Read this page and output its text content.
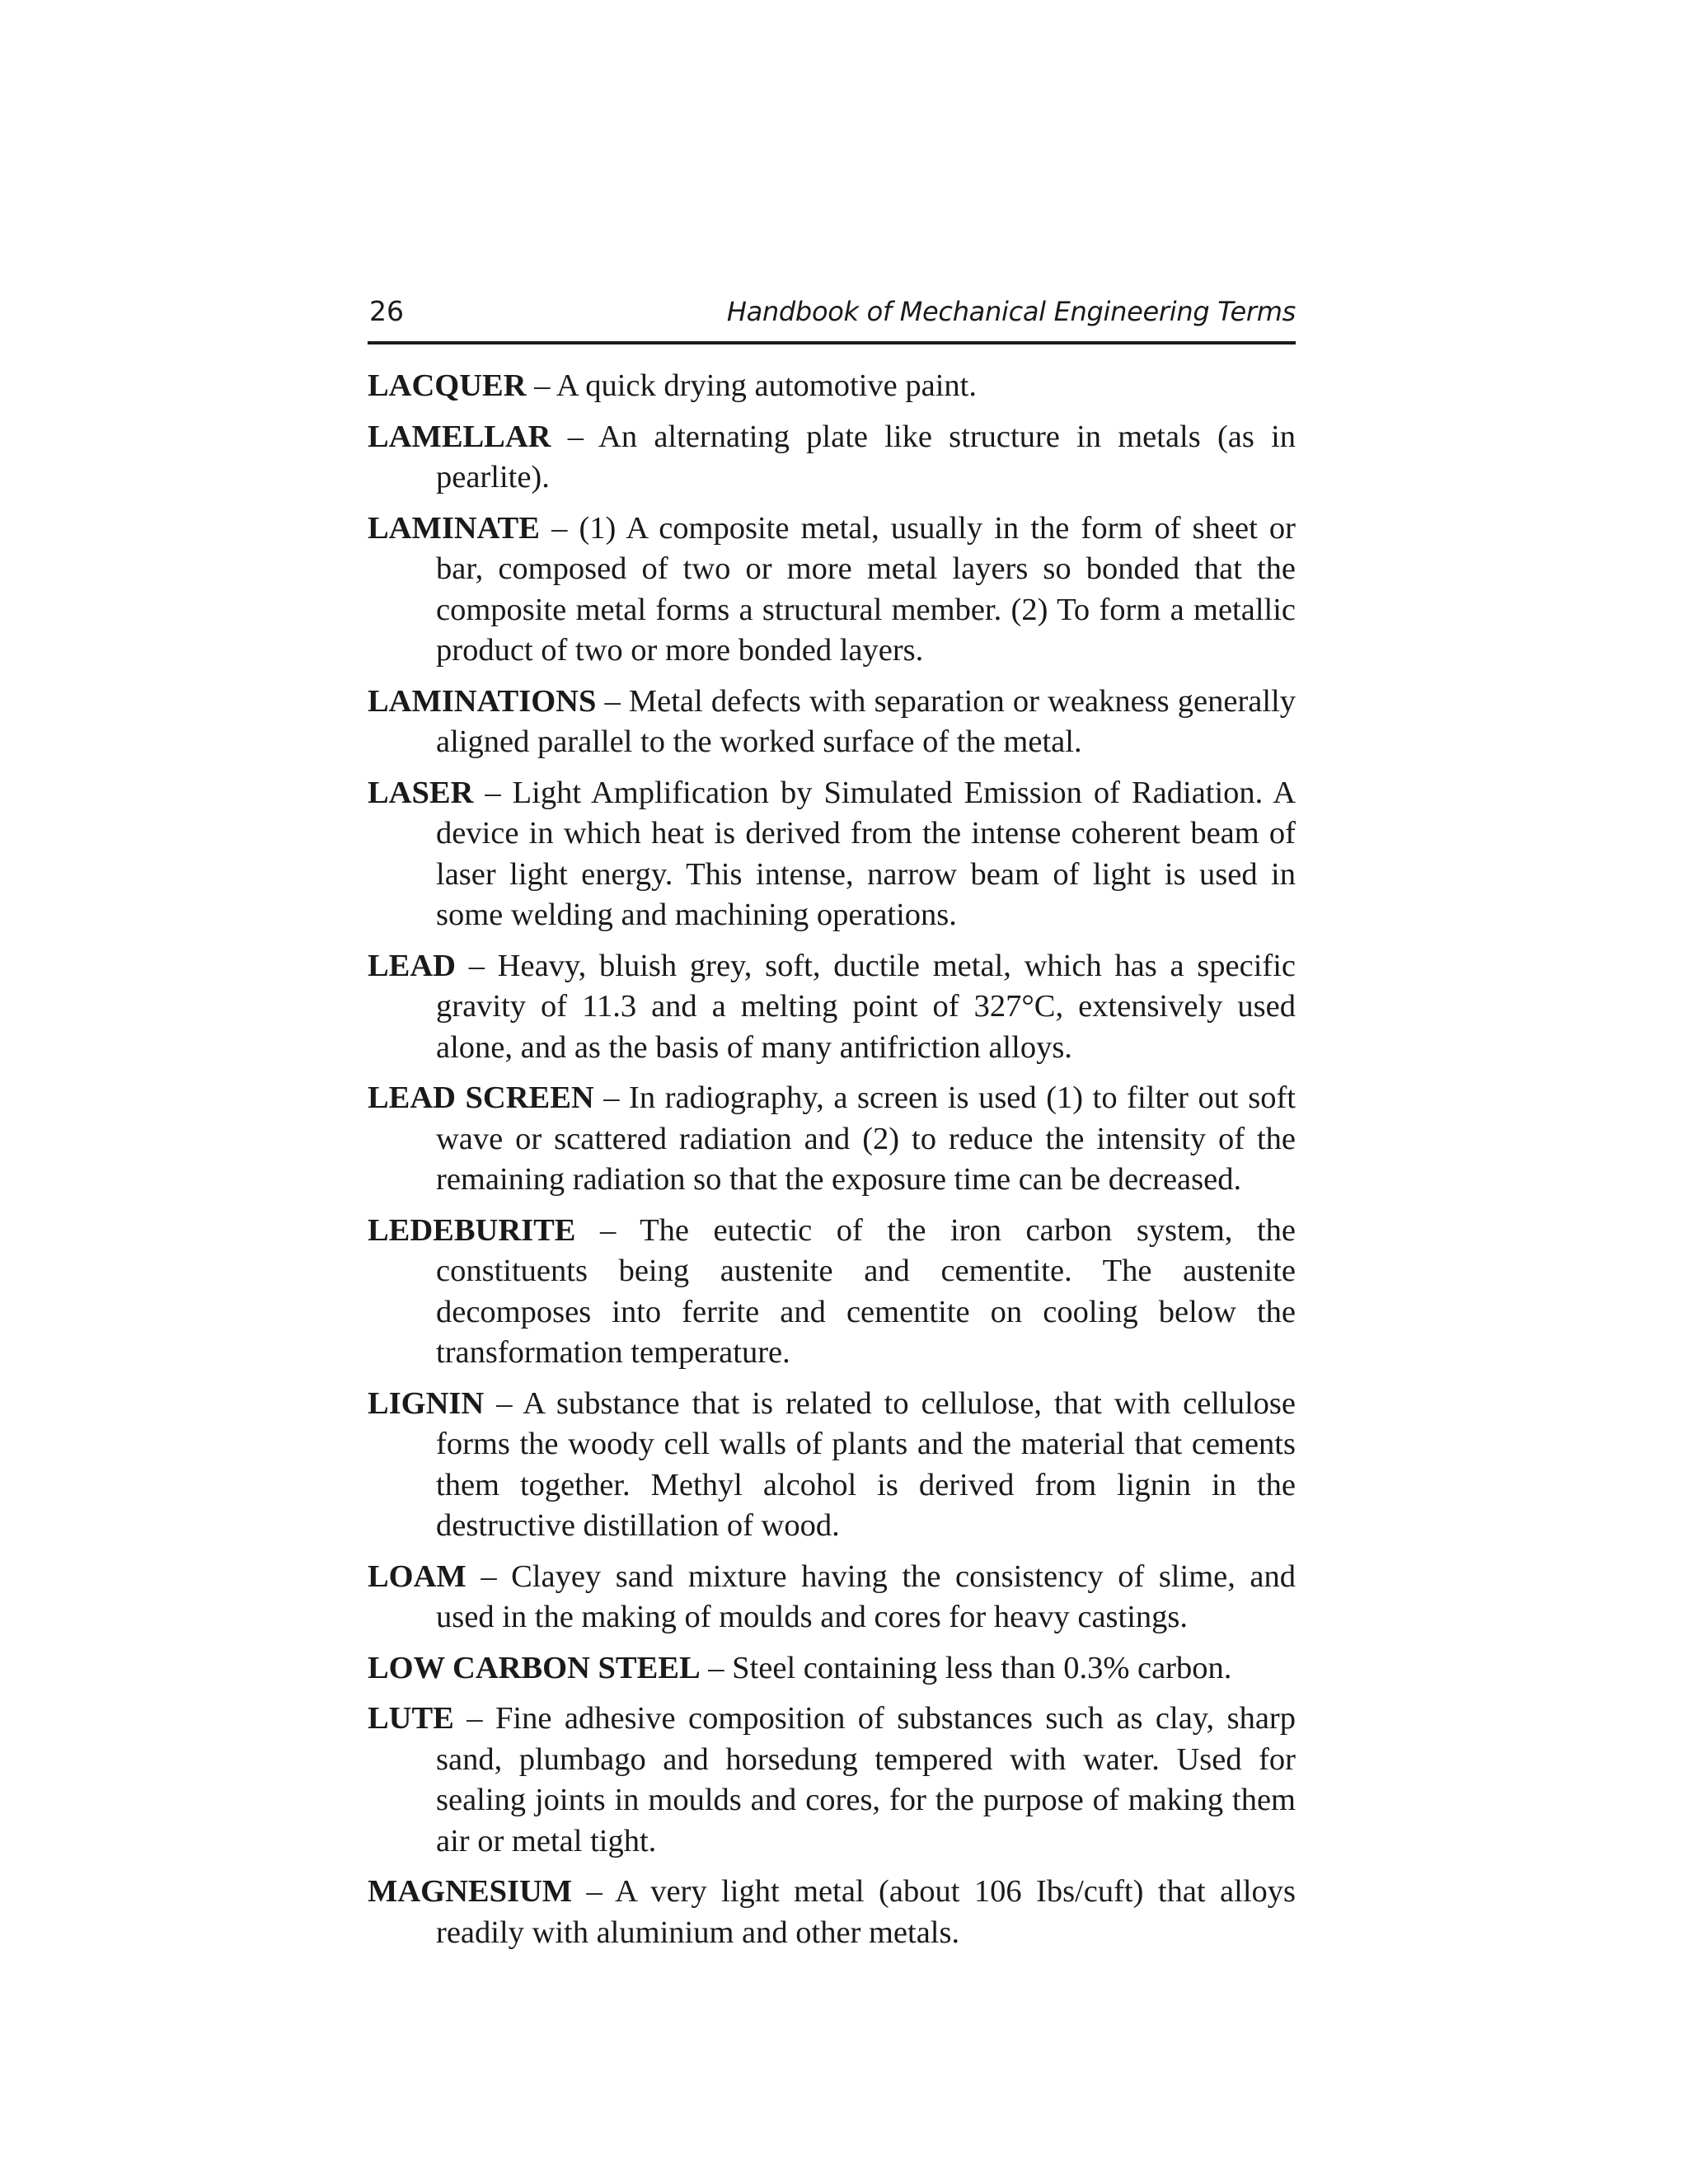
26	Handbook of Mechanical Engineering Terms

LACQUER – A quick drying automotive paint.

LAMELLAR – An alternating plate like structure in metals (as in pearlite).

LAMINATE – (1) A composite metal, usually in the form of sheet or bar, composed of two or more metal layers so bonded that the composite metal forms a structural member. (2) To form a metallic product of two or more bonded layers.

LAMINATIONS – Metal defects with separation or weakness generally aligned parallel to the worked surface of the metal.

LASER – Light Amplification by Simulated Emission of Radiation. A device in which heat is derived from the intense coherent beam of laser light energy. This intense, narrow beam of light is used in some welding and machining operations.

LEAD – Heavy, bluish grey, soft, ductile metal, which has a specific gravity of 11.3 and a melting point of 327°C, extensively used alone, and as the basis of many antifriction alloys.

LEAD SCREEN – In radiography, a screen is used (1) to filter out soft wave or scattered radiation and (2) to reduce the intensity of the remaining radiation so that the exposure time can be decreased.

LEDEBURITE – The eutectic of the iron carbon system, the constituents being austenite and cementite. The austenite decomposes into ferrite and cementite on cooling below the transformation temperature.

LIGNIN – A substance that is related to cellulose, that with cellulose forms the woody cell walls of plants and the material that cements them together. Methyl alcohol is derived from lignin in the destructive distillation of wood.

LOAM – Clayey sand mixture having the consistency of slime, and used in the making of moulds and cores for heavy castings.

LOW CARBON STEEL – Steel containing less than 0.3% carbon.

LUTE – Fine adhesive composition of substances such as clay, sharp sand, plumbago and horsedung tempered with water. Used for sealing joints in moulds and cores, for the purpose of making them air or metal tight.

MAGNESIUM – A very light metal (about 106 Ibs/cuft) that alloys readily with aluminium and other metals.
